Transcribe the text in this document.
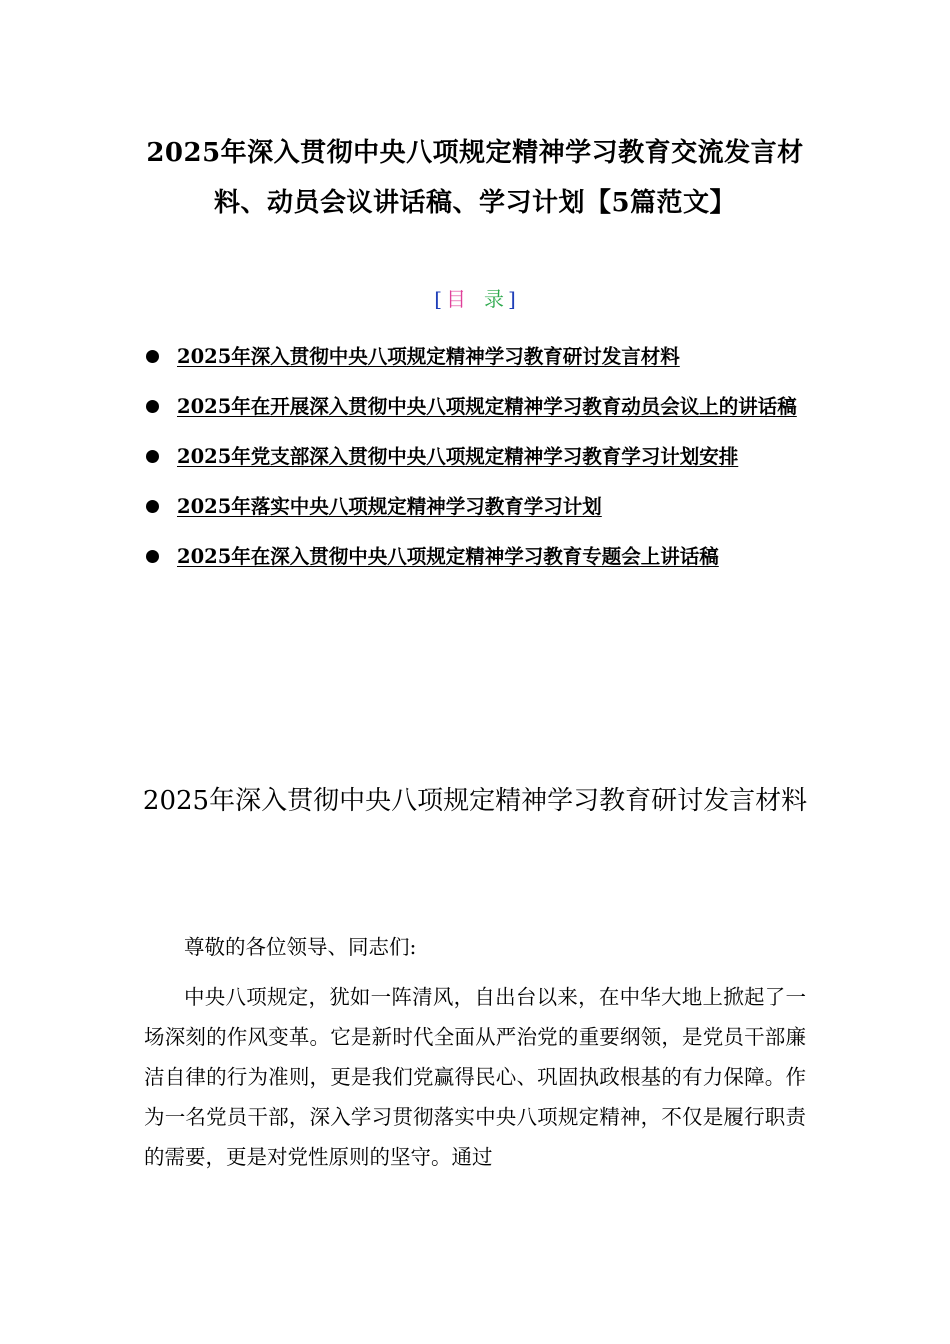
2025年深入贯彻中央八项规定精神学习教育交流发言材料、动员会议讲话稿、学习计划【5篇范文】
[ 目 录 ]
2025年深入贯彻中央八项规定精神学习教育研讨发言材料
2025年在开展深入贯彻中央八项规定精神学习教育动员会议上的讲话稿
2025年党支部深入贯彻中央八项规定精神学习教育学习计划安排
2025年落实中央八项规定精神学习教育学习计划
2025年在深入贯彻中央八项规定精神学习教育专题会上讲话稿
2025年深入贯彻中央八项规定精神学习教育研讨发言材料

尊敬的各位领导、同志们:

中央八项规定，犹如一阵清风，自出台以来，在中华大地上掀起了一场深刻的作风变革。它是新时代全面从严治党的重要纲领，是党员干部廉洁自律的行为准则，更是我们党赢得民心、巩固执政根基的有力保障。作为一名党员干部，深入学习贯彻落实中央八项规定精神，不仅是履行职责的需要，更是对党性原则的坚守。通过
